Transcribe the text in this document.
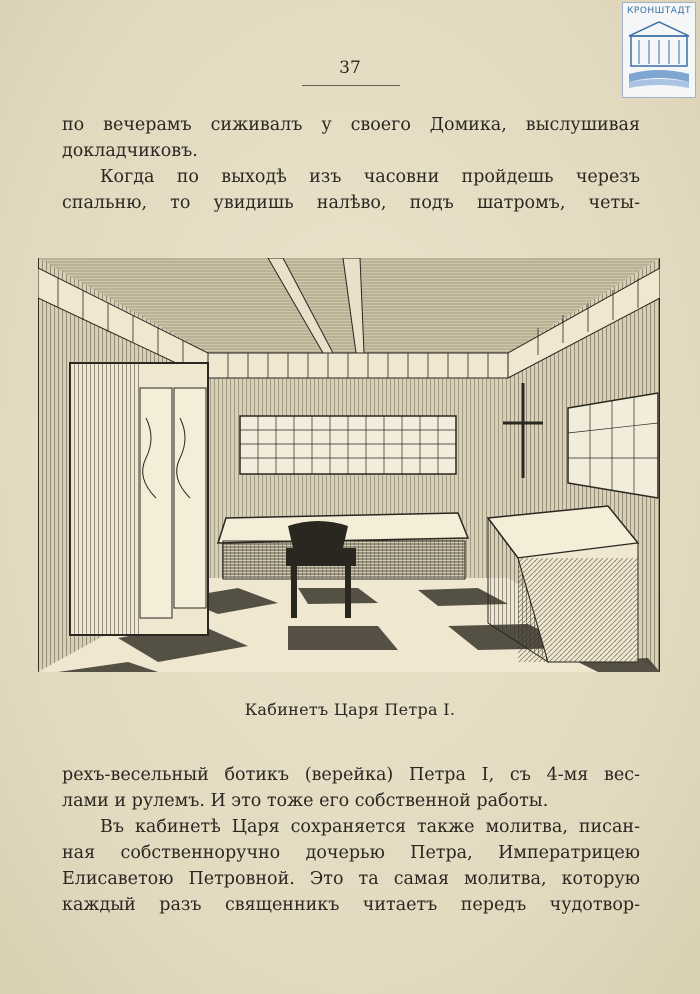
КРОНШТАДТ
37
по вечерамъ сиживалъ у своего Домика, выслушивая
докладчиковъ.
Когда по выходѣ изъ часовни пройдешь черезъ
спальню, то увидишь налѣво, подъ шатромъ, четы-
Кабинетъ Царя Петра I.
рехъ-весельный ботикъ (верейка) Петра I, съ 4-мя вес-
лами и рулемъ. И это тоже его собственной работы.
Въ кабинетѣ Царя сохраняется также молитва, писан-
ная собственноручно дочерью Петра, Императрицею
Елисаветою Петровной. Это та самая молитва, которую
каждый разъ священникъ читаетъ передъ чудотвор-
